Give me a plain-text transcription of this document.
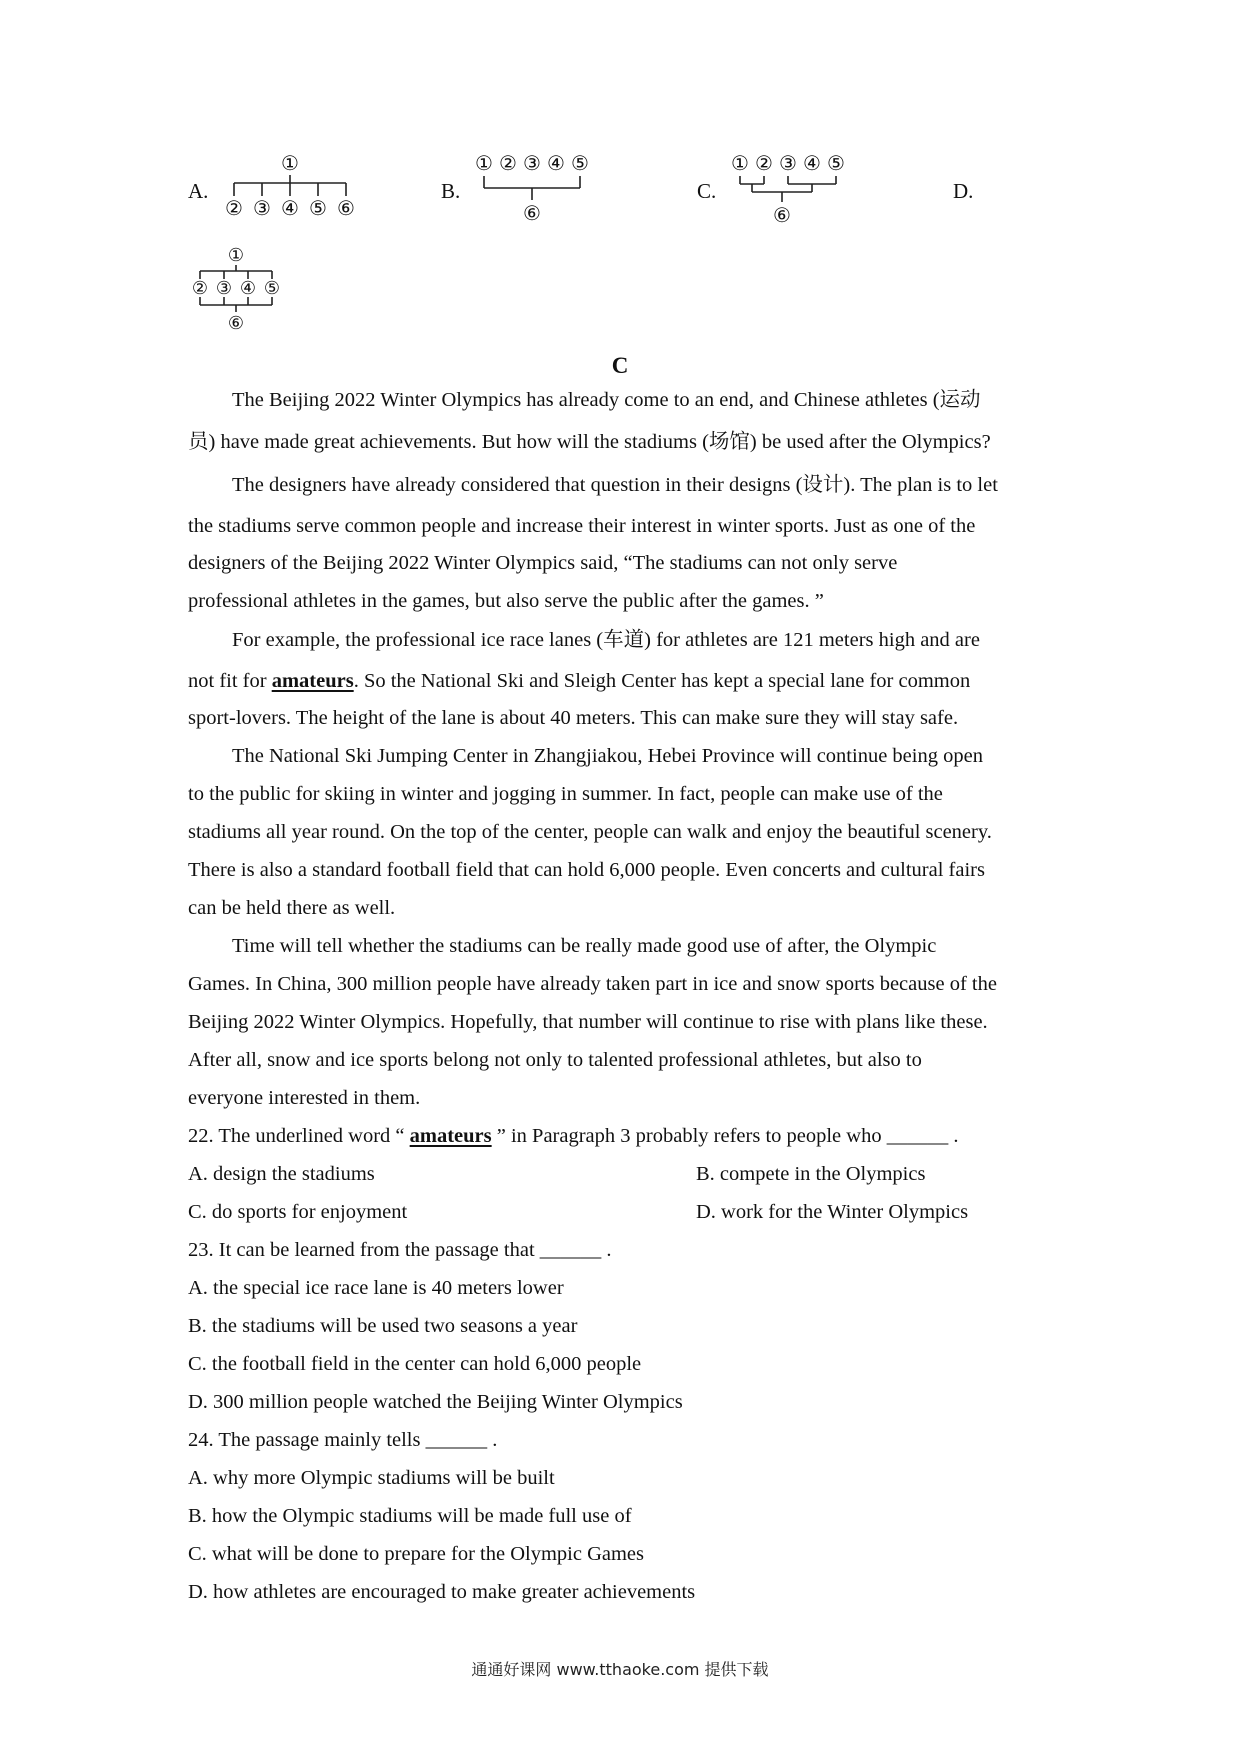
A.	B.	C.	D.
①
② ③ ④ ⑤ ⑥
① ② ③ ④ ⑤
⑥
① ② ③ ④ ⑤
⑥
①
② ③ ④ ⑤
⑥
C
The Beijing 2022 Winter Olympics has already come to an end, and Chinese athletes (运动
员) have made great achievements. But how will the stadiums (场馆) be used after the Olympics?
The designers have already considered that question in their designs (设计). The plan is to let
the stadiums serve common people and increase their interest in winter sports. Just as one of the
designers of the Beijing 2022 Winter Olympics said, “The stadiums can not only serve
professional athletes in the games, but also serve the public after the games. ”
For example, the professional ice race lanes (车道) for athletes are 121 meters high and are
not fit for amateurs. So the National Ski and Sleigh Center has kept a special lane for common
sport-lovers. The height of the lane is about 40 meters. This can make sure they will stay safe.
The National Ski Jumping Center in Zhangjiakou, Hebei Province will continue being open
to the public for skiing in winter and jogging in summer. In fact, people can make use of the
stadiums all year round. On the top of the center, people can walk and enjoy the beautiful scenery.
There is also a standard football field that can hold 6,000 people. Even concerts and cultural fairs
can be held there as well.
Time will tell whether the stadiums can be really made good use of after, the Olympic
Games. In China, 300 million people have already taken part in ice and snow sports because of the
Beijing 2022 Winter Olympics. Hopefully, that number will continue to rise with plans like these.
After all, snow and ice sports belong not only to talented professional athletes, but also to
everyone interested in them.
22. The underlined word “ amateurs ” in Paragraph 3 probably refers to people who ______ .
A. design the stadiums	B. compete in the Olympics
C. do sports for enjoyment	D. work for the Winter Olympics
23. It can be learned from the passage that ______ .
A. the special ice race lane is 40 meters lower
B. the stadiums will be used two seasons a year
C. the football field in the center can hold 6,000 people
D. 300 million people watched the Beijing Winter Olympics
24. The passage mainly tells ______ .
A. why more Olympic stadiums will be built
B. how the Olympic stadiums will be made full use of
C. what will be done to prepare for the Olympic Games
D. how athletes are encouraged to make greater achievements
通通好课网 www.tthaoke.com 提供下载
